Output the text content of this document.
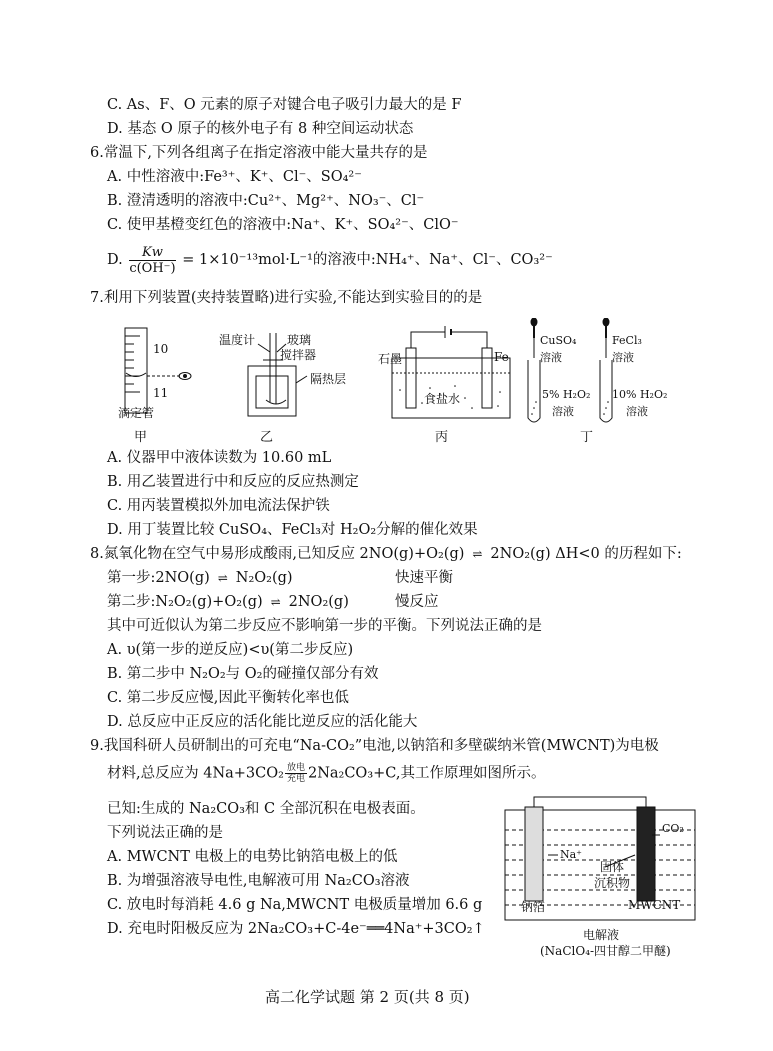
C. As、F、O 元素的原子对键合电子吸引力最大的是 F
D. 基态 O 原子的核外电子有 8 种空间运动状态
6.常温下,下列各组离子在指定溶液中能大量共存的是
A. 中性溶液中:Fe³⁺、K⁺、Cl⁻、SO₄²⁻
B. 澄清透明的溶液中:Cu²⁺、Mg²⁺、NO₃⁻、Cl⁻
C. 使甲基橙变红色的溶液中:Na⁺、K⁺、SO₄²⁻、ClO⁻
D. $\frac{Kw}{c(OH^-)} = 1\times 10^{-13}mol\cdot L^{-1}$的溶液中:NH₄⁺、Na⁺、Cl⁻、CO₃²⁻
7.利用下列装置(夹持装置略)进行实验,不能达到实验目的的是
10
11
滴定管
甲
温度计	玻璃
搅拌器
隔热层
乙
石墨	Fe
食盐水
丙
CuSO₄
溶液
FeCl₃
溶液
5% H₂O₂
溶液
10% H₂O₂
溶液
丁
A. 仪器甲中液体读数为 10.60 mL
B. 用乙装置进行中和反应的反应热测定
C. 用丙装置模拟外加电流法保护铁
D. 用丁装置比较 CuSO₄、FeCl₃对 H₂O₂分解的催化效果
8.氮氧化物在空气中易形成酸雨,已知反应 2NO(g)+O₂(g) ⇌ 2NO₂(g) ΔH<0 的历程如下:
第一步:2NO(g) ⇌ N₂O₂(g)	快速平衡
第二步:N₂O₂(g)+O₂(g) ⇌ 2NO₂(g)	慢反应
其中可近似认为第二步反应不影响第一步的平衡。下列说法正确的是
A. υ(第一步的逆反应)<υ(第二步反应)
B. 第二步中 N₂O₂与 O₂的碰撞仅部分有效
C. 第二步反应慢,因此平衡转化率也低
D. 总反应中正反应的活化能比逆反应的活化能大
9.我国科研人员研制出的可充电“Na-CO₂”电池,以钠箔和多壁碳纳米管(MWCNT)为电极
材料,总反应为 4Na+3CO₂ 放电
充电 2Na₂CO₃+C,其工作原理如图所示。
已知:生成的 Na₂CO₃和 C 全部沉积在电极表面。
下列说法正确的是
A. MWCNT 电极上的电势比钠箔电极上的低
B. 为增强溶液导电性,电解液可用 Na₂CO₃溶液
C. 放电时每消耗 4.6 g Na,MWCNT 电极质量增加 6.6 g
D. 充电时阳极反应为 2Na₂CO₃+C-4e⁻══4Na⁺+3CO₂↑
CO₂
Na⁺
固体
沉积物
钠箔	MWCNT
电解液
(NaClO₄-四甘醇二甲醚)
高二化学试题 第 2 页(共 8 页)
